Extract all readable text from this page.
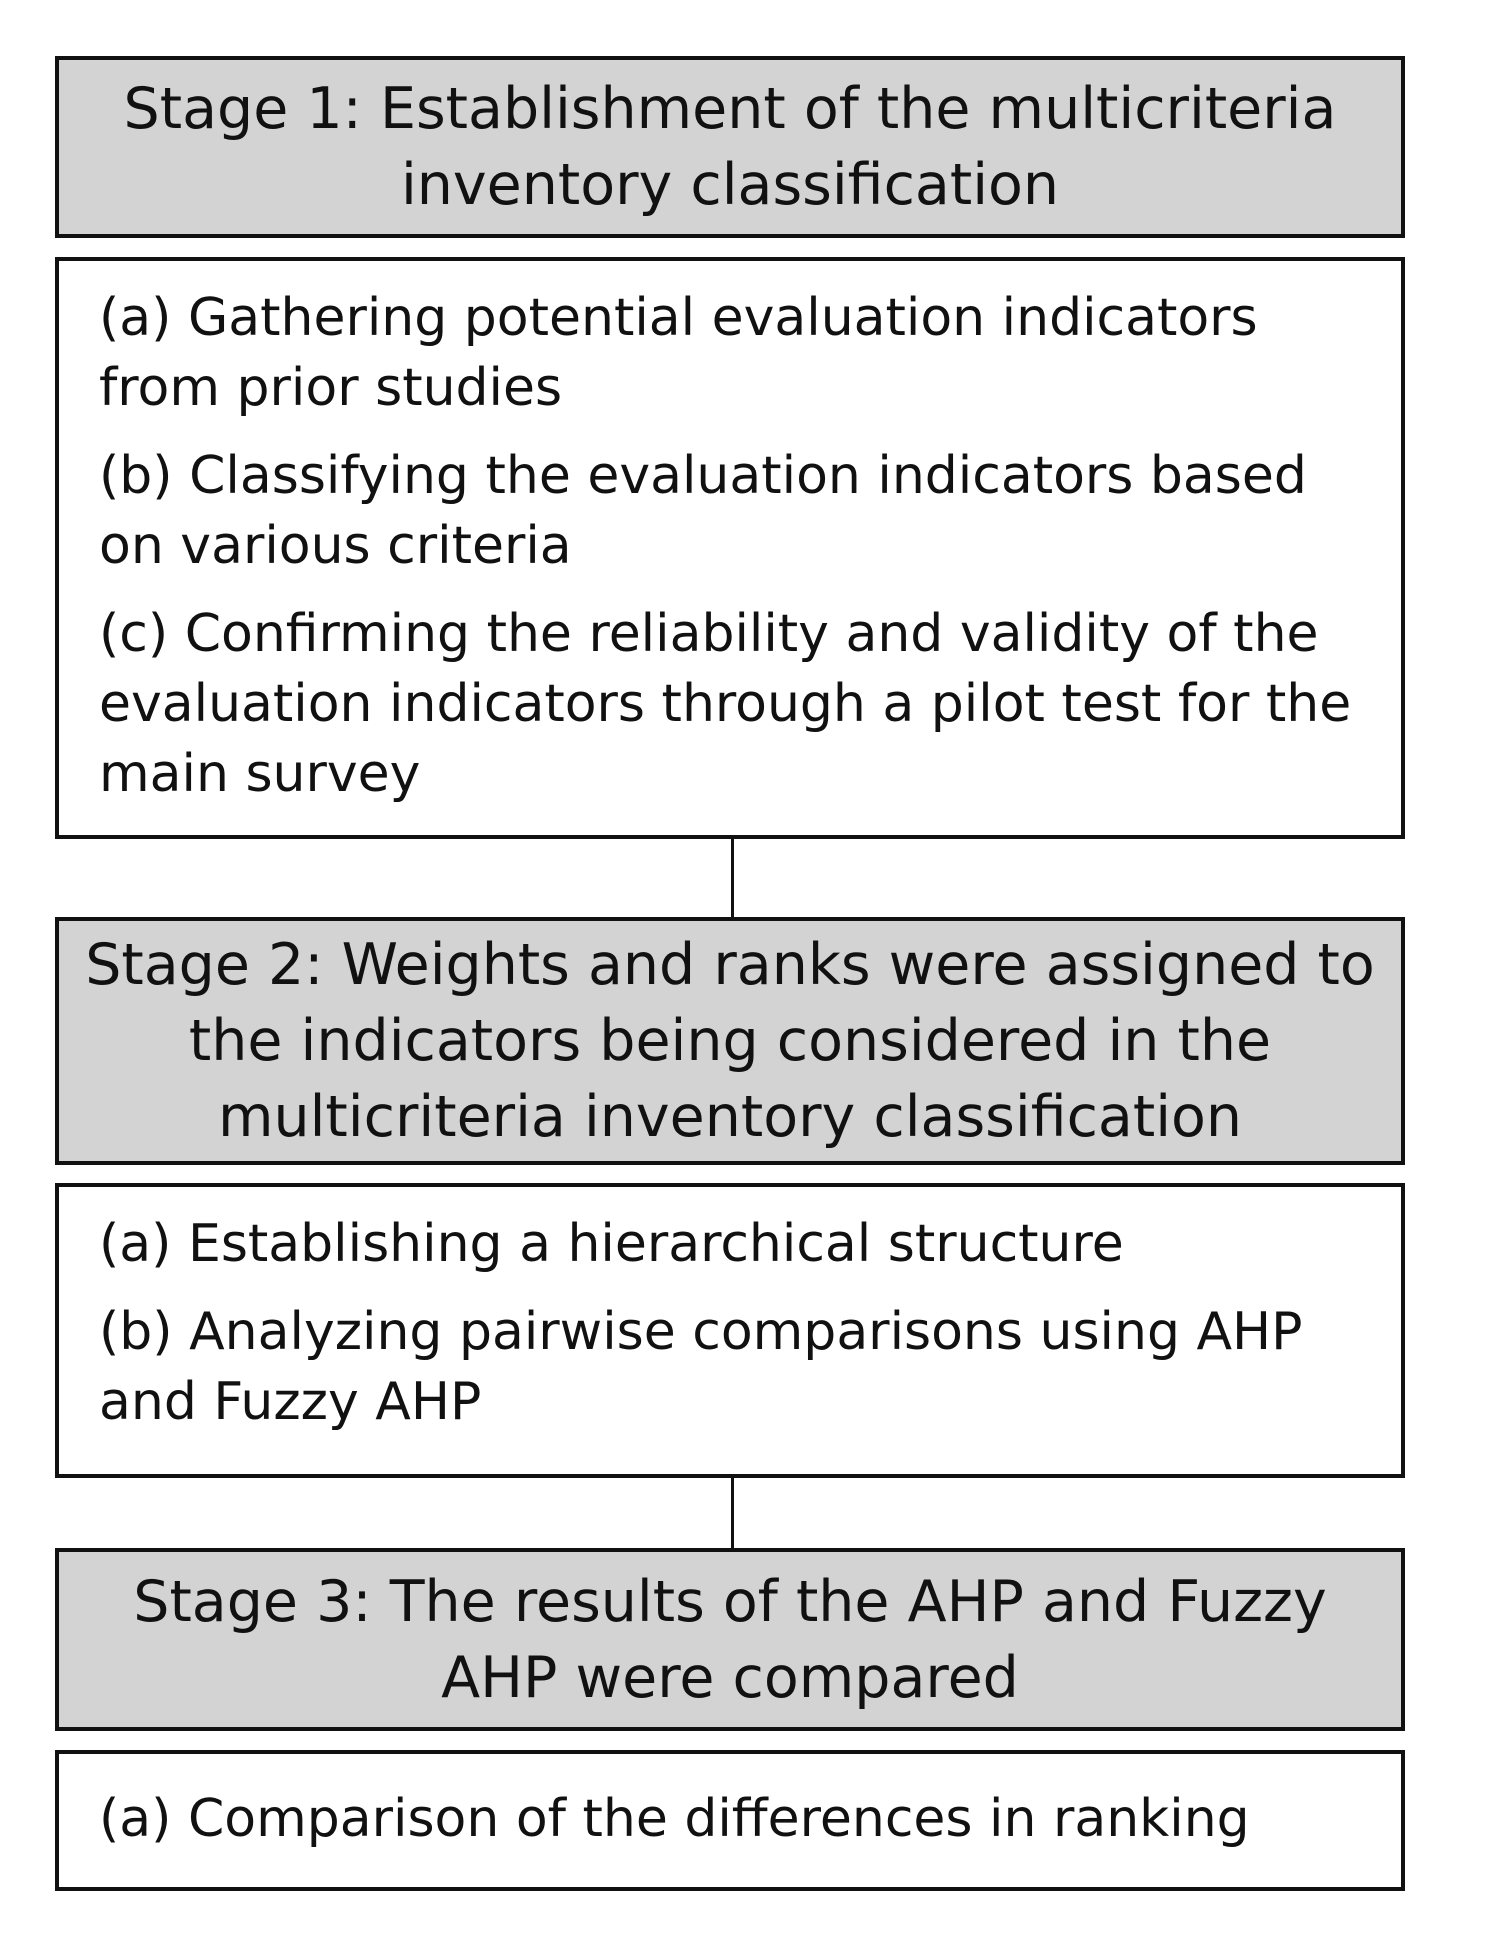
Stage 1: Establishment of the multicriteria inventory classification
(a) Gathering potential evaluation indicators from prior studies
(b) Classifying the evaluation indicators based on various criteria
(c) Confirming the reliability and validity of the evaluation indicators through a pilot test for the main survey
Stage 2: Weights and ranks were assigned to the indicators being considered in the multicriteria inventory classification
(a) Establishing a hierarchical structure
(b) Analyzing pairwise comparisons using AHP and Fuzzy AHP
Stage 3: The results of the AHP and Fuzzy AHP were compared
(a) Comparison of the differences in ranking
